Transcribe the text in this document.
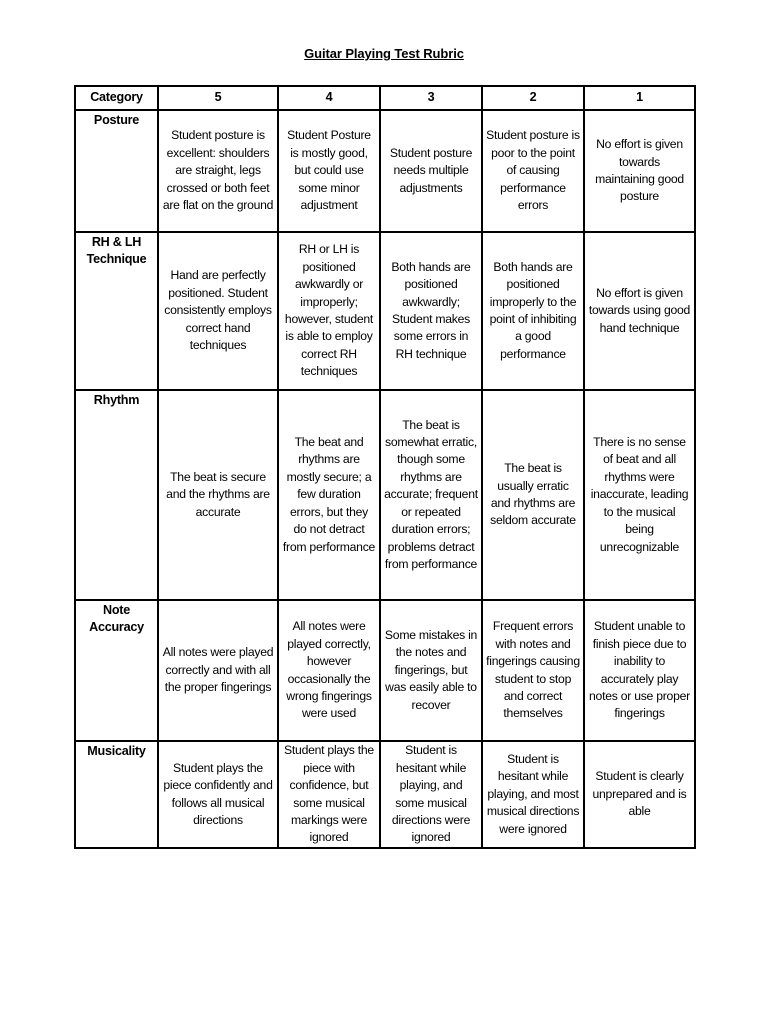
Guitar Playing Test Rubric
Category	5	4	3	2	1
Posture	Student posture is excellent: shoulders are straight, legs crossed or both feet are flat on the ground	Student Posture is mostly good, but could use some minor adjustment	Student posture needs multiple adjustments	Student posture is poor to the point of causing performance errors	No effort is given towards maintaining good posture
RH & LH Technique	Hand are perfectly positioned. Student consistently employs correct hand techniques	RH or LH is positioned awkwardly or improperly; however, student is able to employ correct RH techniques	Both hands are positioned awkwardly; Student makes some errors in RH technique	Both hands are positioned improperly to the point of inhibiting a good performance	No effort is given towards using good hand technique
Rhythm	The beat is secure and the rhythms are accurate	The beat and rhythms are mostly secure; a few duration errors, but they do not detract from performance	The beat is somewhat erratic, though some rhythms are accurate; frequent or repeated duration errors; problems detract from performance	The beat is usually erratic and rhythms are seldom accurate	There is no sense of beat and all rhythms were inaccurate, leading to the musical being unrecognizable
Note Accuracy	All notes were played correctly and with all the proper fingerings	All notes were played correctly, however occasionally the wrong fingerings were used	Some mistakes in the notes and fingerings, but was easily able to recover	Frequent errors with notes and fingerings causing student to stop and correct themselves	Student unable to finish piece due to inability to accurately play notes or use proper fingerings
Musicality	Student plays the piece confidently and follows all musical directions	Student plays the piece with confidence, but some musical markings were ignored	Student is hesitant while playing, and some musical directions were ignored	Student is hesitant while playing, and most musical directions were ignored	Student is clearly unprepared and is able
